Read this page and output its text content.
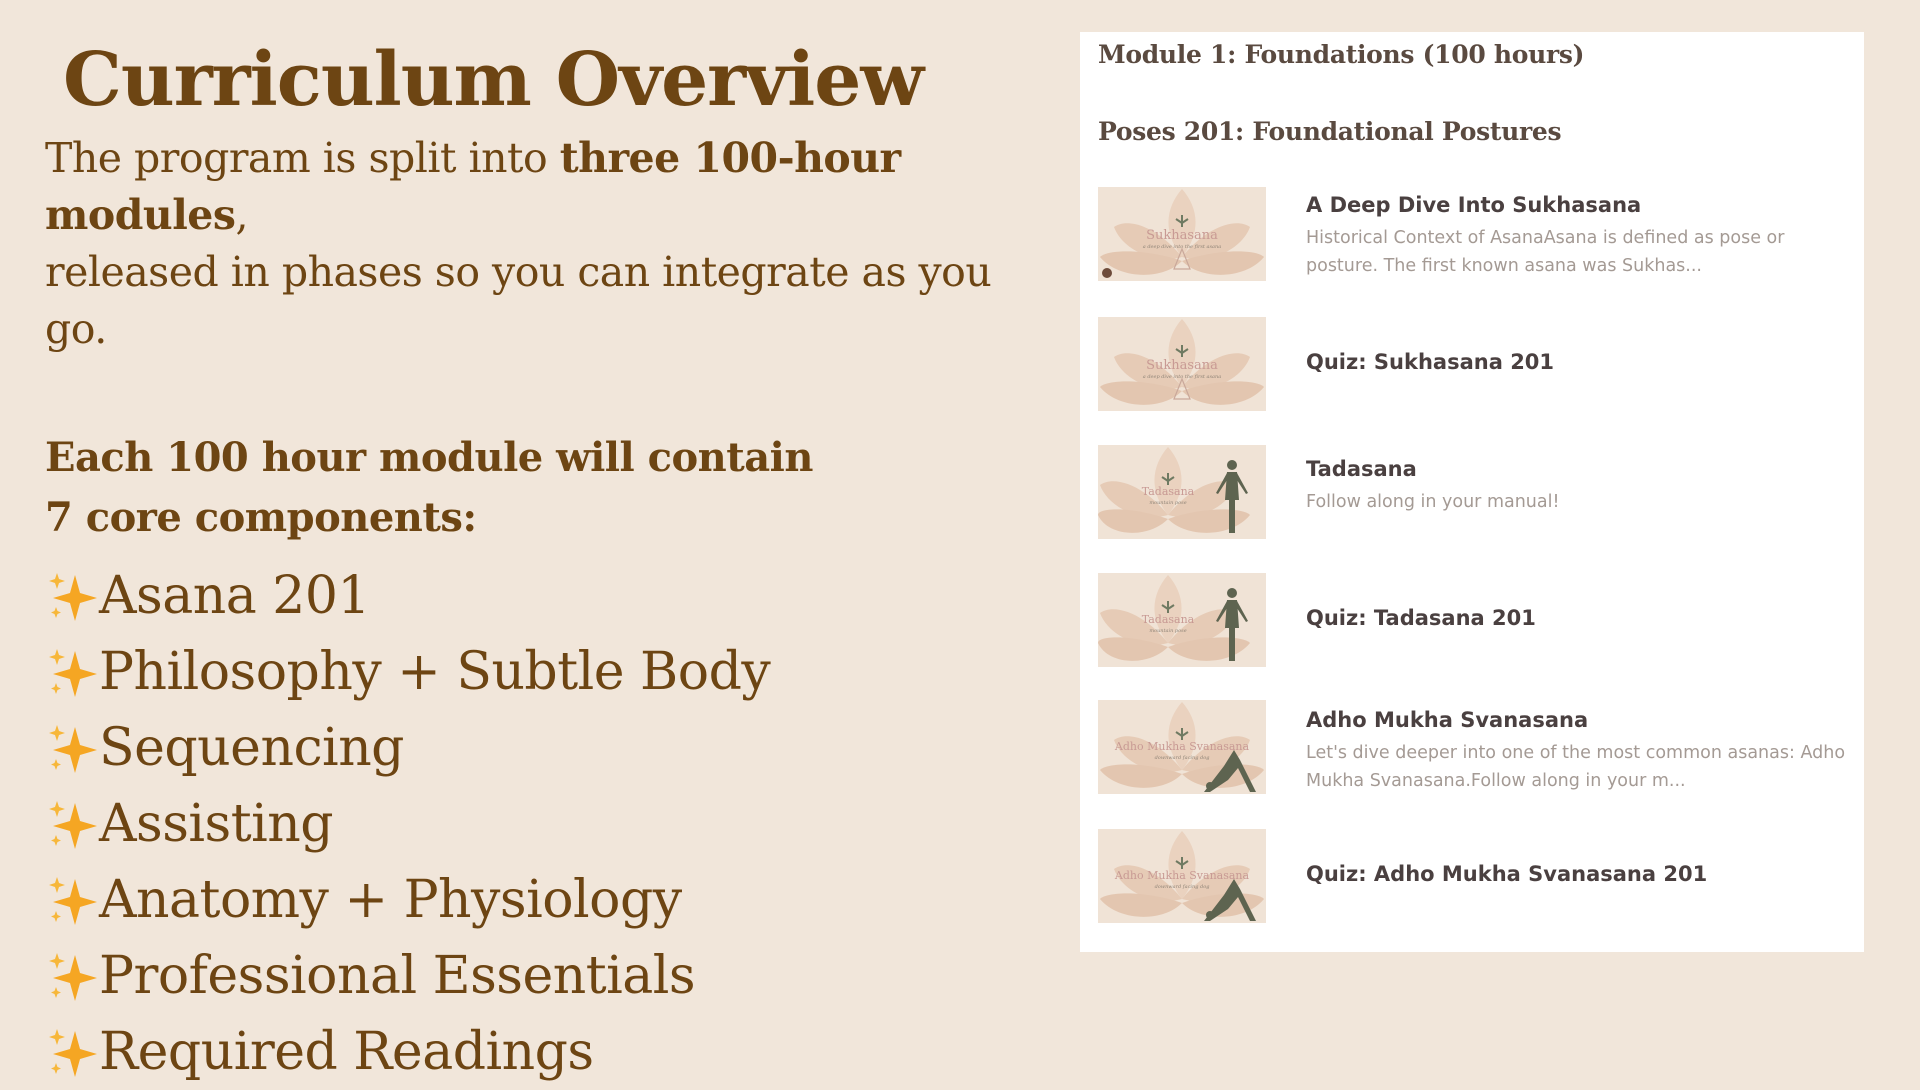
Curriculum Overview

The program is split into three 100-hour modules,
released in phases so you can integrate as you go.

Each 100 hour module will contain
7 core components:

Asana 201
Philosophy + Subtle Body
Sequencing
Assisting
Anatomy + Physiology
Professional Essentials
Required Readings
Module 1: Foundations (100 hours)
Poses 201: Foundational Postures
Sukhasana
a deep dive into the first asana
A Deep Dive Into Sukhasana
Historical Context of AsanaAsana is defined as pose or
posture. The first known asana was Sukhas...
Sukhasana
a deep dive into the first asana
Quiz: Sukhasana 201
Tadasana
mountain pose
Tadasana
Follow along in your manual!
Tadasana
mountain pose
Quiz: Tadasana 201
Adho Mukha Svanasana
downward facing dog
Adho Mukha Svanasana
Let's dive deeper into one of the most common asanas: Adho
Mukha Svanasana.Follow along in your m...
Adho Mukha Svanasana
downward facing dog
Quiz: Adho Mukha Svanasana 201
